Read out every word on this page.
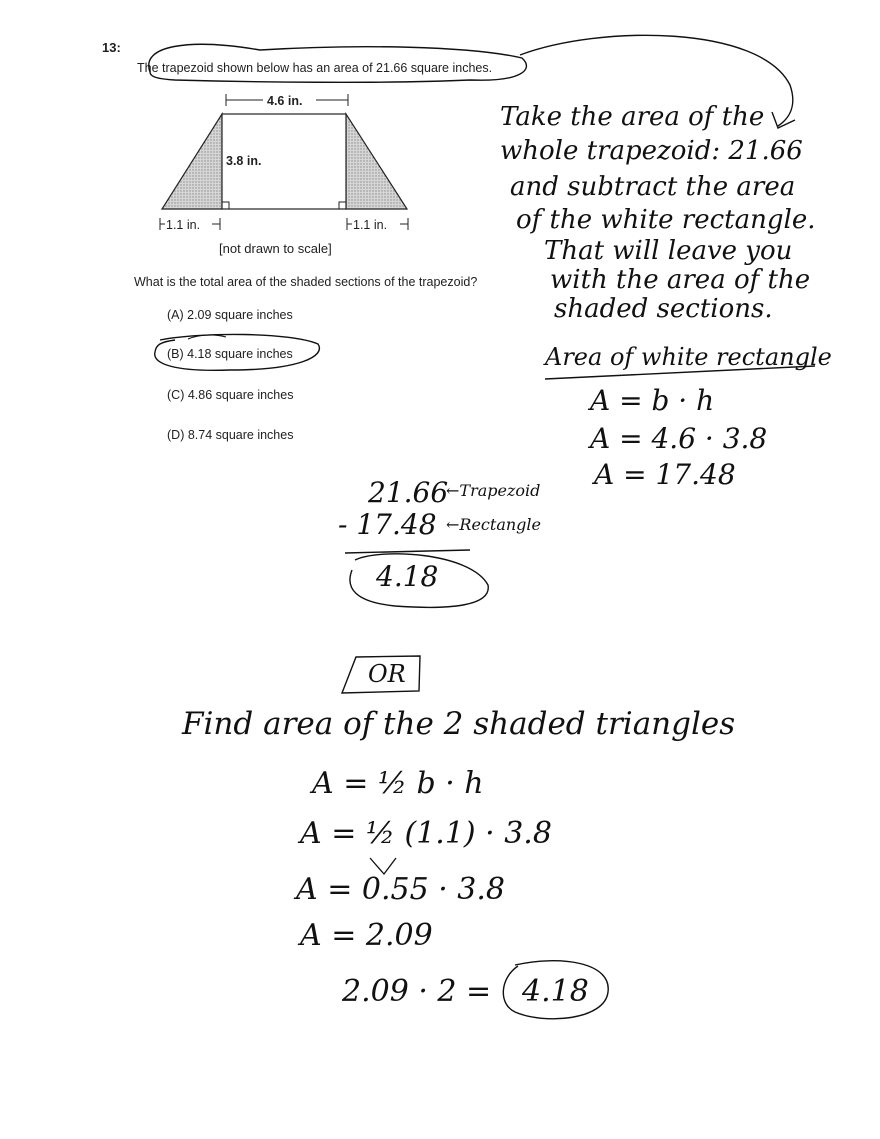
13:
The trapezoid shown below has an area of 21.66 square inches.
4.6 in.
3.8 in.
1.1 in.	1.1 in.
[not drawn to scale]
What is the total area of the shaded sections of the trapezoid?
(A) 2.09 square inches
(B) 4.18 square inches
(C) 4.86 square inches
(D) 8.74 square inches
Take the area of the
whole trapezoid: 21.66
and subtract the area
of the white rectangle.
That will leave you
with the area of the
shaded sections.
Area of white rectangle
A = b · h
A = 4.6 · 3.8
A = 17.48
21.66
←Trapezoid
- 17.48 ←Rectangle
4.18
OR
Find area of the 2 shaded triangles
A = ½ b · h
A = ½ (1.1) · 3.8
A = 0.55 · 3.8
A = 2.09
2.09 · 2 = 4.18
